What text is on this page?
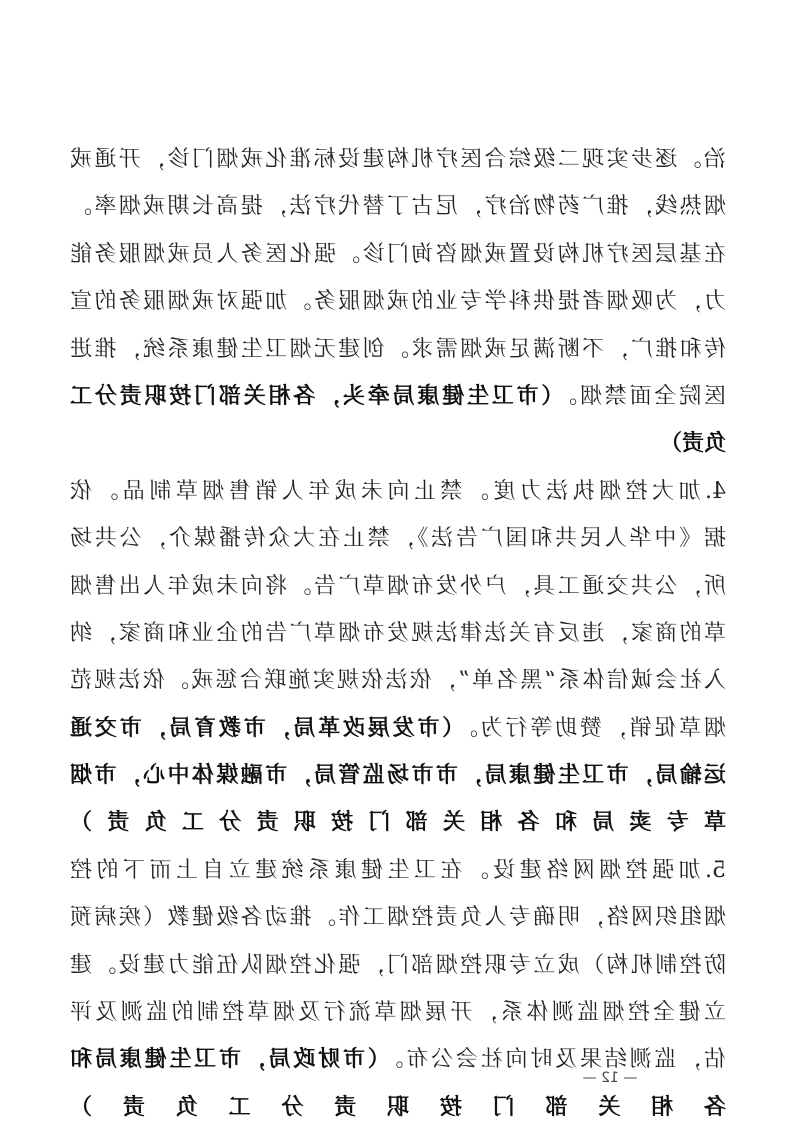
治。逐步实现二级综合医疗机构建设标准化戒烟门诊，开通戒
烟热线，推广药物治疗，尼古丁替代疗法，提高长期戒烟率。
在基层医疗机构设置戒烟咨询门诊。强化医务人员戒烟服务能
力，为吸烟者提供科学专业的戒烟服务。加强对戒烟服务的宣
传和推广，不断满足戒烟需求。创建无烟卫生健康系统，推进
医院全面禁烟。（市卫生健康局牵头，各相关部门按职责分工
负责）
4.加大控烟执法力度。禁止向未成年人销售烟草制品。依
据《中华人民共和国广告法》，禁止在大众传播媒介，公共场
所，公共交通工具，户外发布烟草广告。将向未成年人出售烟
草的商家，违反有关法律法规发布烟草广告的企业和商家，纳
入社会诚信体系“黑名单”，依法依规实施联合惩戒。依法规范
烟草促销，赞助等行为。（市发展改革局，市教育局，市交通
运输局，市卫生健康局，市市场监管局，市融媒体中心，市烟
草专卖局和各相关部门按职责分工负责）
5.加强控烟网络建设。在卫生健康系统建立自上而下的控
烟组织网络，明确专人负责控烟工作。推动各级健教（疾病预
防控制机构）成立专职控烟部门，强化控烟队伍能力建设。建
立健全控烟监测体系，开展烟草流行及烟草控制的监测及评
估，监测结果及时向社会公布。（市财政局，市卫生健康局和
各相关部门按职责分工负责）
— 12 —
